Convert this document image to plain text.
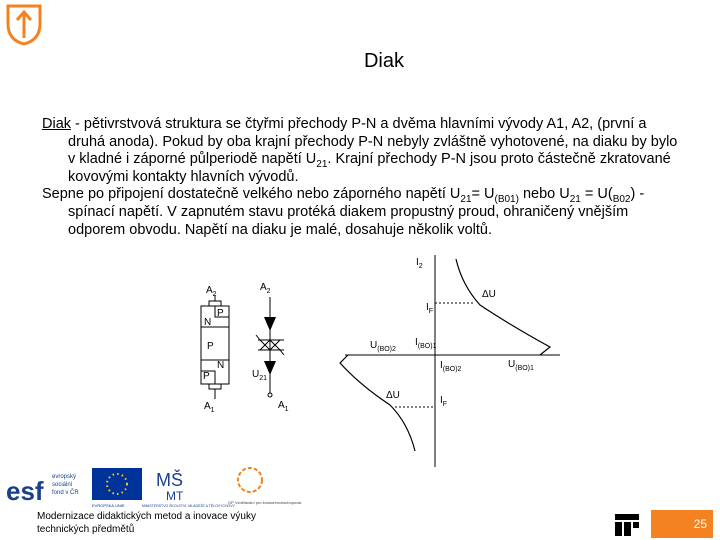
Diak

Diak - pětivrstvová struktura se čtyřmi přechody P-N a dvěma hlavními vývody A1, A2, (první a druhá anoda). Pokud by oba krajní přechody P-N nebyly zvláštně vyhotovené, na diaku by bylo v kladné i záporné půlperiodě napětí $U_{21}$. Krajní přechody P-N jsou proto částečně zkratované kovovými kontakty hlavních vývodů.

Sepne po připojení dostatečně velkého nebo záporného napětí $U_{21}= U_{(B01)}$ nebo $U_{21} = U(_{B02})$ - spínací napětí. V zapnutém stavu protéká diakem propustný proud, ohraničený vnějším odporem obvodu. Napětí na diaku je malé, dosahuje několik voltů.

$A_2$
P
N
P
N
P
$A_1$
$A_2$
$U_{21}$
$A_1$
$I_2$
$I_F$
$I_F$
ΔU
ΔU
$U_{(BO)2}$
$I_{(BO)1}$
$I_{(BO)2}$	$U_{(BO)1}$
esf evropský
sociální
fond v ČR
EVROPSKÁ UNIE
MŠ
MT
MINISTERSTVO ŠKOLSTVÍ, MLÁDEŽE A TĚLOVÝCHOVY
OP Vzdělávání pro konkurenceschopnost
Modernizace didaktických metod a inovace výuky
technických předmětů	25
